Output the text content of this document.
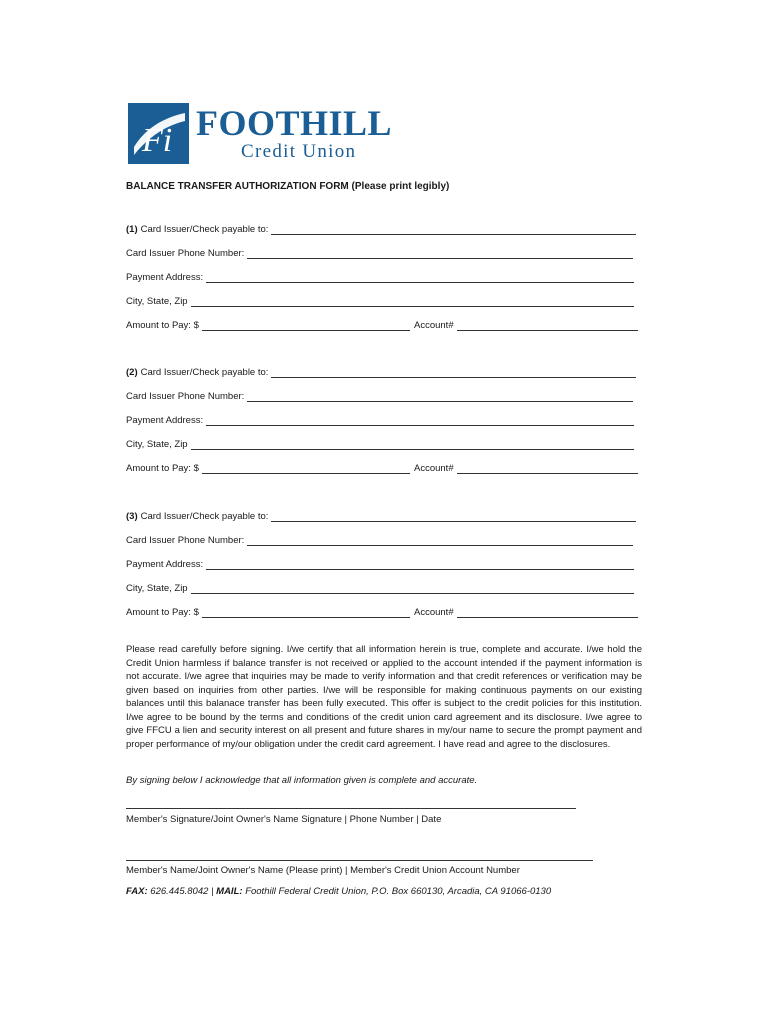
Fi FOOTHILL
Credit Union
BALANCE TRANSFER AUTHORIZATION FORM (Please print legibly)
(1) Card Issuer/Check payable to:
Card Issuer Phone Number:
Payment Address:
City, State, Zip
Amount to Pay: $	Account#
(2) Card Issuer/Check payable to:
Card Issuer Phone Number:
Payment Address:
City, State, Zip
Amount to Pay: $	Account#
(3) Card Issuer/Check payable to:
Card Issuer Phone Number:
Payment Address:
City, State, Zip
Amount to Pay: $	Account#
Please read carefully before signing. I/we certify that all information herein is true, complete and accurate. I/we hold the Credit Union harmless if balance transfer is not received or applied to the account intended if the payment information is not accurate. I/we agree that inquiries may be made to verify information and that credit references or verification may be given based on inquiries from other parties. I/we will be responsible for making continuous payments on our existing balances until this balanace transfer has been fully executed. This offer is subject to the credit policies for this institution. I/we agree to be bound by the terms and conditions of the credit union card agreement and its disclosure. I/we agree to give FFCU a lien and security interest on all present and future shares in my/our name to secure the prompt payment and proper performance of my/our obligation under the credit card agreement. I have read and agree to the disclosures.
By signing below I acknowledge that all information given is complete and accurate.
Member's Signature/Joint Owner's Name Signature | Phone Number | Date
Member's Name/Joint Owner's Name (Please print) | Member's Credit Union Account Number
FAX: 626.445.8042 | MAIL: Foothill Federal Credit Union, P.O. Box 660130, Arcadia, CA 91066-0130
